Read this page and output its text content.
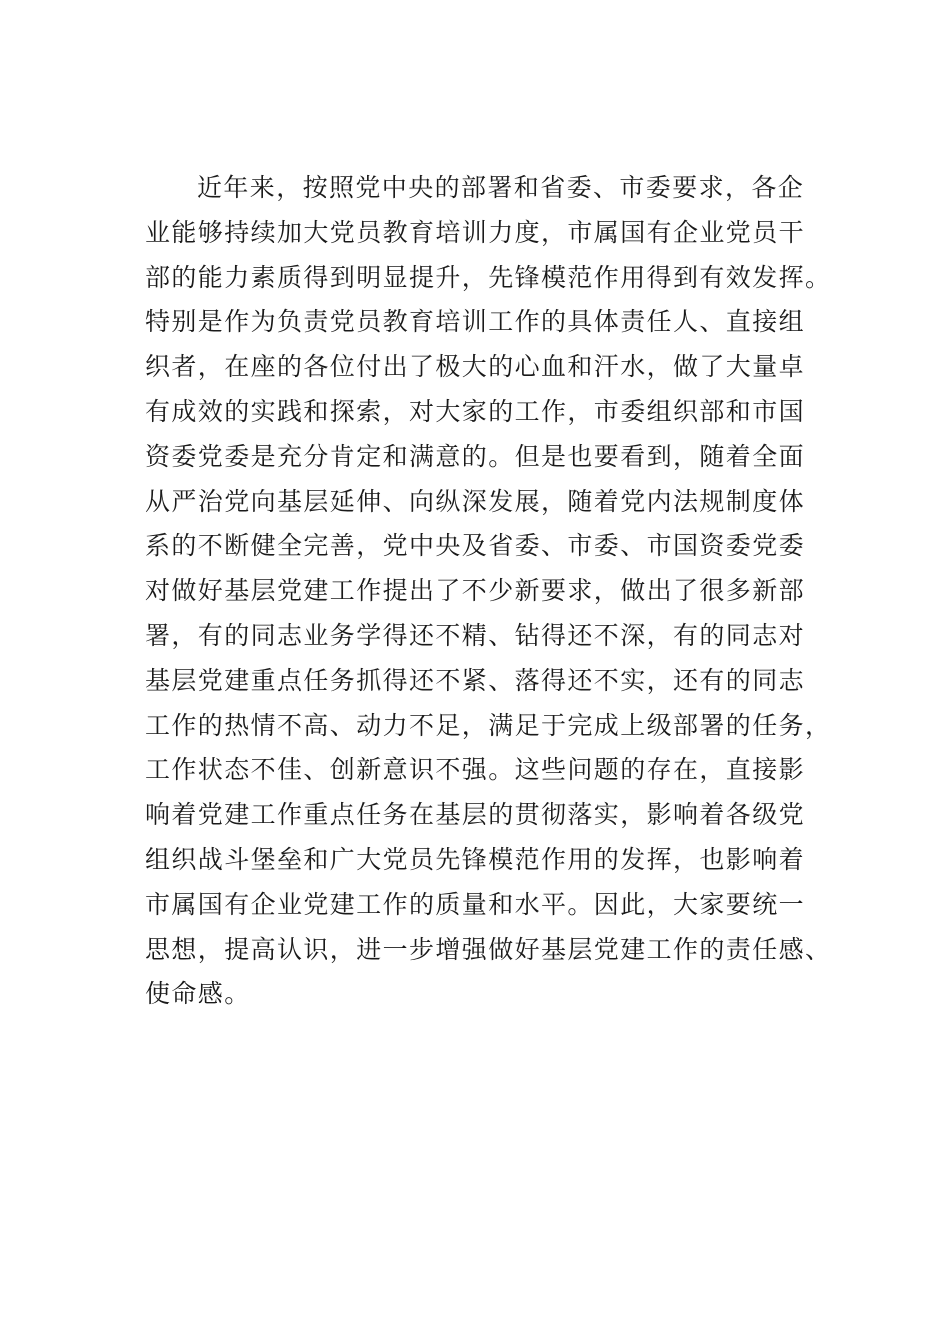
近年来，按照党中央的部署和省委、市委要求，各企
业能够持续加大党员教育培训力度，市属国有企业党员干
部的能力素质得到明显提升，先锋模范作用得到有效发挥。
特别是作为负责党员教育培训工作的具体责任人、直接组
织者，在座的各位付出了极大的心血和汗水，做了大量卓
有成效的实践和探索，对大家的工作，市委组织部和市国
资委党委是充分肯定和满意的。但是也要看到，随着全面
从严治党向基层延伸、向纵深发展，随着党内法规制度体
系的不断健全完善，党中央及省委、市委、市国资委党委
对做好基层党建工作提出了不少新要求，做出了很多新部
署，有的同志业务学得还不精、钻得还不深，有的同志对
基层党建重点任务抓得还不紧、落得还不实，还有的同志
工作的热情不高、动力不足，满足于完成上级部署的任务，
工作状态不佳、创新意识不强。这些问题的存在，直接影
响着党建工作重点任务在基层的贯彻落实，影响着各级党
组织战斗堡垒和广大党员先锋模范作用的发挥，也影响着
市属国有企业党建工作的质量和水平。因此，大家要统一
思想，提高认识，进一步增强做好基层党建工作的责任感、
使命感。
